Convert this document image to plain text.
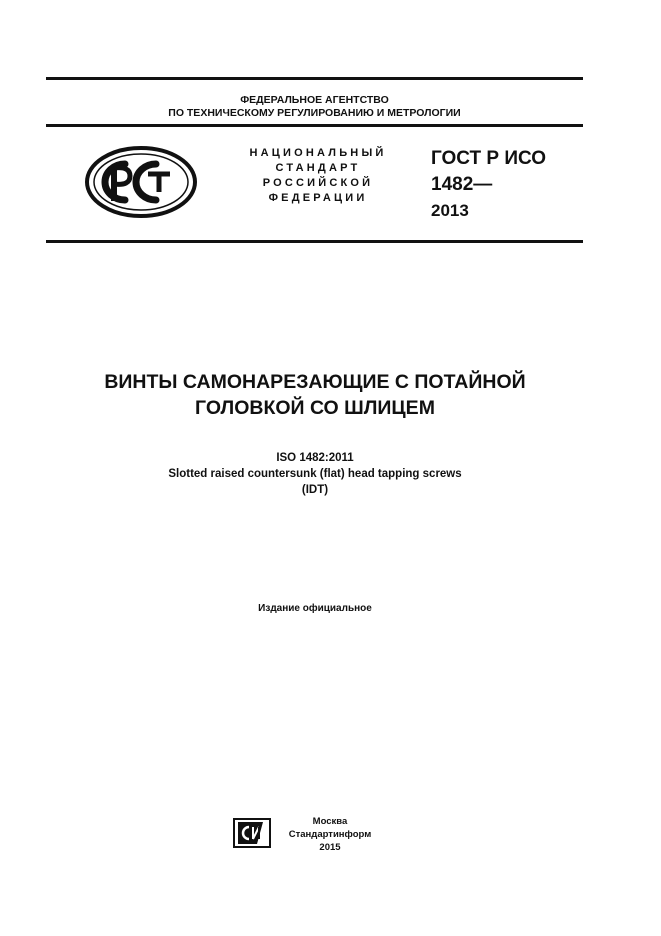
ФЕДЕРАЛЬНОЕ АГЕНТСТВО
ПО ТЕХНИЧЕСКОМУ РЕГУЛИРОВАНИЮ И МЕТРОЛОГИИ
НАЦИОНАЛЬНЫЙ
СТАНДАРТ
РОССИЙСКОЙ
ФЕДЕРАЦИИ
ГОСТ Р ИСО
1482—
2013
ВИНТЫ САМОНАРЕЗАЮЩИЕ С ПОТАЙНОЙ
ГОЛОВКОЙ СО ШЛИЦЕМ
ISO 1482:2011
Slotted raised countersunk (flat) head tapping screws
(IDT)
Издание официальное
Москва
Стандартинформ
2015
